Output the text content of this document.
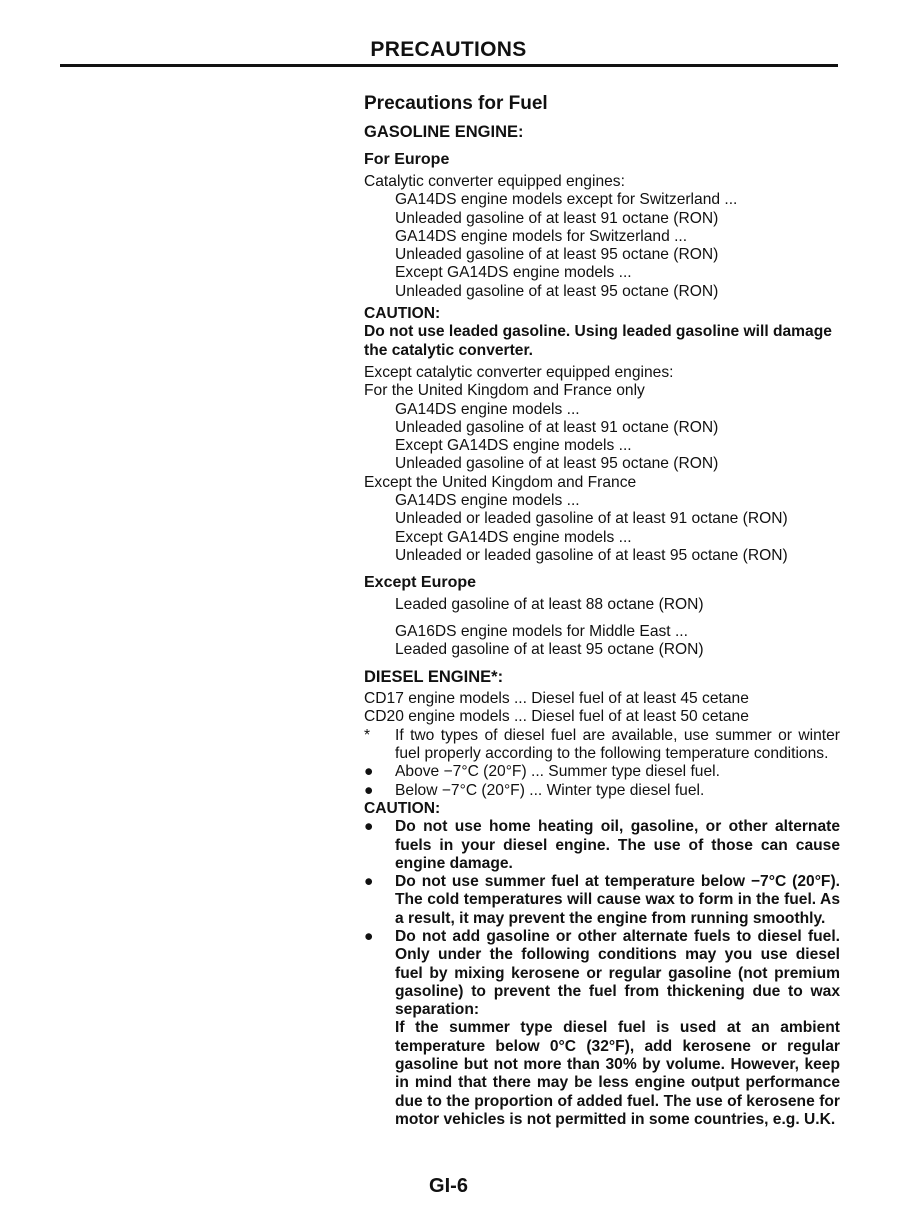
PRECAUTIONS
Precautions for Fuel
GASOLINE ENGINE:
For Europe
Catalytic converter equipped engines:
GA14DS engine models except for Switzerland ...
Unleaded gasoline of at least 91 octane (RON)
GA14DS engine models for Switzerland ...
Unleaded gasoline of at least 95 octane (RON)
Except GA14DS engine models ...
Unleaded gasoline of at least 95 octane (RON)
CAUTION:
Do not use leaded gasoline. Using leaded gasoline will damage the catalytic converter.
Except catalytic converter equipped engines:
For the United Kingdom and France only
GA14DS engine models ...
Unleaded gasoline of at least 91 octane (RON)
Except GA14DS engine models ...
Unleaded gasoline of at least 95 octane (RON)
Except the United Kingdom and France
GA14DS engine models ...
Unleaded or leaded gasoline of at least 91 octane (RON)
Except GA14DS engine models ...
Unleaded or leaded gasoline of at least 95 octane (RON)
Except Europe
Leaded gasoline of at least 88 octane (RON)
GA16DS engine models for Middle East ...
Leaded gasoline of at least 95 octane (RON)
DIESEL ENGINE*:
CD17 engine models ... Diesel fuel of at least 45 cetane
CD20 engine models ... Diesel fuel of at least 50 cetane
*	If two types of diesel fuel are available, use summer or winter fuel properly according to the following temperature conditions.
●	Above −7°C (20°F) ... Summer type diesel fuel.
●	Below −7°C (20°F) ... Winter type diesel fuel.
CAUTION:
●	Do not use home heating oil, gasoline, or other alternate fuels in your diesel engine. The use of those can cause engine damage.
●	Do not use summer fuel at temperature below −7°C (20°F). The cold temperatures will cause wax to form in the fuel. As a result, it may prevent the engine from running smoothly.
●	Do not add gasoline or other alternate fuels to diesel fuel. Only under the following conditions may you use diesel fuel by mixing kerosene or regular gasoline (not premium gasoline) to prevent the fuel from thickening due to wax separation:
If the summer type diesel fuel is used at an ambient temperature below 0°C (32°F), add kerosene or regular gasoline but not more than 30% by volume. However, keep in mind that there may be less engine output performance due to the proportion of added fuel. The use of kerosene for motor vehicles is not permitted in some countries, e.g. U.K.
GI-6
